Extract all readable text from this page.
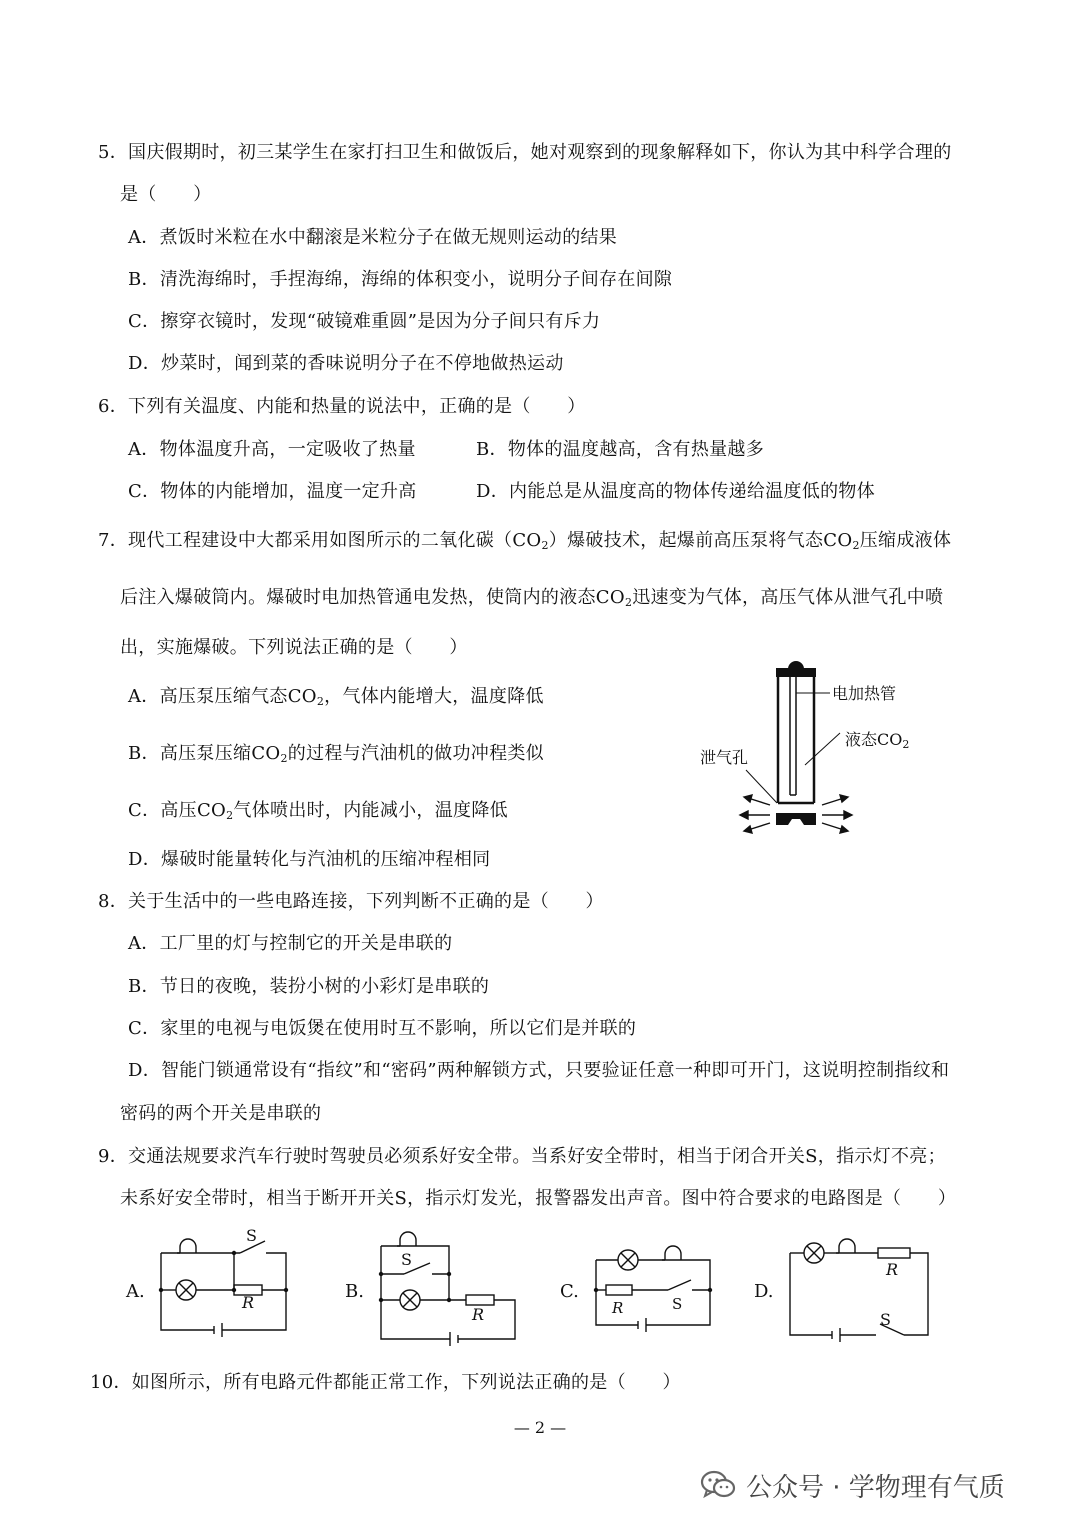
5．国庆假期时，初三某学生在家打扫卫生和做饭后，她对观察到的现象解释如下，你认为其中科学合理的
是（　　）
A．煮饭时米粒在水中翻滚是米粒分子在做无规则运动的结果
B．清洗海绵时，手捏海绵，海绵的体积变小，说明分子间存在间隙
C．擦穿衣镜时，发现“破镜难重圆”是因为分子间只有斥力
D．炒菜时，闻到菜的香味说明分子在不停地做热运动
6．下列有关温度、内能和热量的说法中，正确的是（　　）
A．物体温度升高，一定吸收了热量	B．物体的温度越高，含有热量越多
C．物体的内能增加，温度一定升高	D．内能总是从温度高的物体传递给温度低的物体
7．现代工程建设中大都采用如图所示的二氧化碳$(CO_2)$爆破技术，起爆前高压泵将气态$CO_2$压缩成液体
后注入爆破筒内。爆破时电加热管通电发热，使筒内的液态$CO_2$迅速变为气体，高压气体从泄气孔中喷
出，实施爆破。下列说法正确的是（　　）
A．高压泵压缩气态$CO_2$，气体内能增大，温度降低
B．高压泵压缩$CO_2$的过程与汽油机的做功冲程类似
C．高压$CO_2$气体喷出时，内能减小，温度降低
D．爆破时能量转化与汽油机的压缩冲程相同
电加热管
液态$CO_2$
泄气孔
8．关于生活中的一些电路连接，下列判断不正确的是（　　）
A．工厂里的灯与控制它的开关是串联的
B．节日的夜晚，装扮小树的小彩灯是串联的
C．家里的电视与电饭煲在使用时互不影响，所以它们是并联的
D．智能门锁通常设有“指纹”和“密码”两种解锁方式，只要验证任意一种即可开门，这说明控制指纹和
密码的两个开关是串联的
9．交通法规要求汽车行驶时驾驶员必须系好安全带。当系好安全带时，相当于闭合开关S，指示灯不亮；
未系好安全带时，相当于断开开关S，指示灯发光，报警器发出声音。图中符合要求的电路图是（　　）
A.	B.	C.	D.
S
R
S
R	R	S
R
S
10．如图所示，所有电路元件都能正常工作，下列说法正确的是（　　）
— 2 —
公众号 · 学物理有气质
